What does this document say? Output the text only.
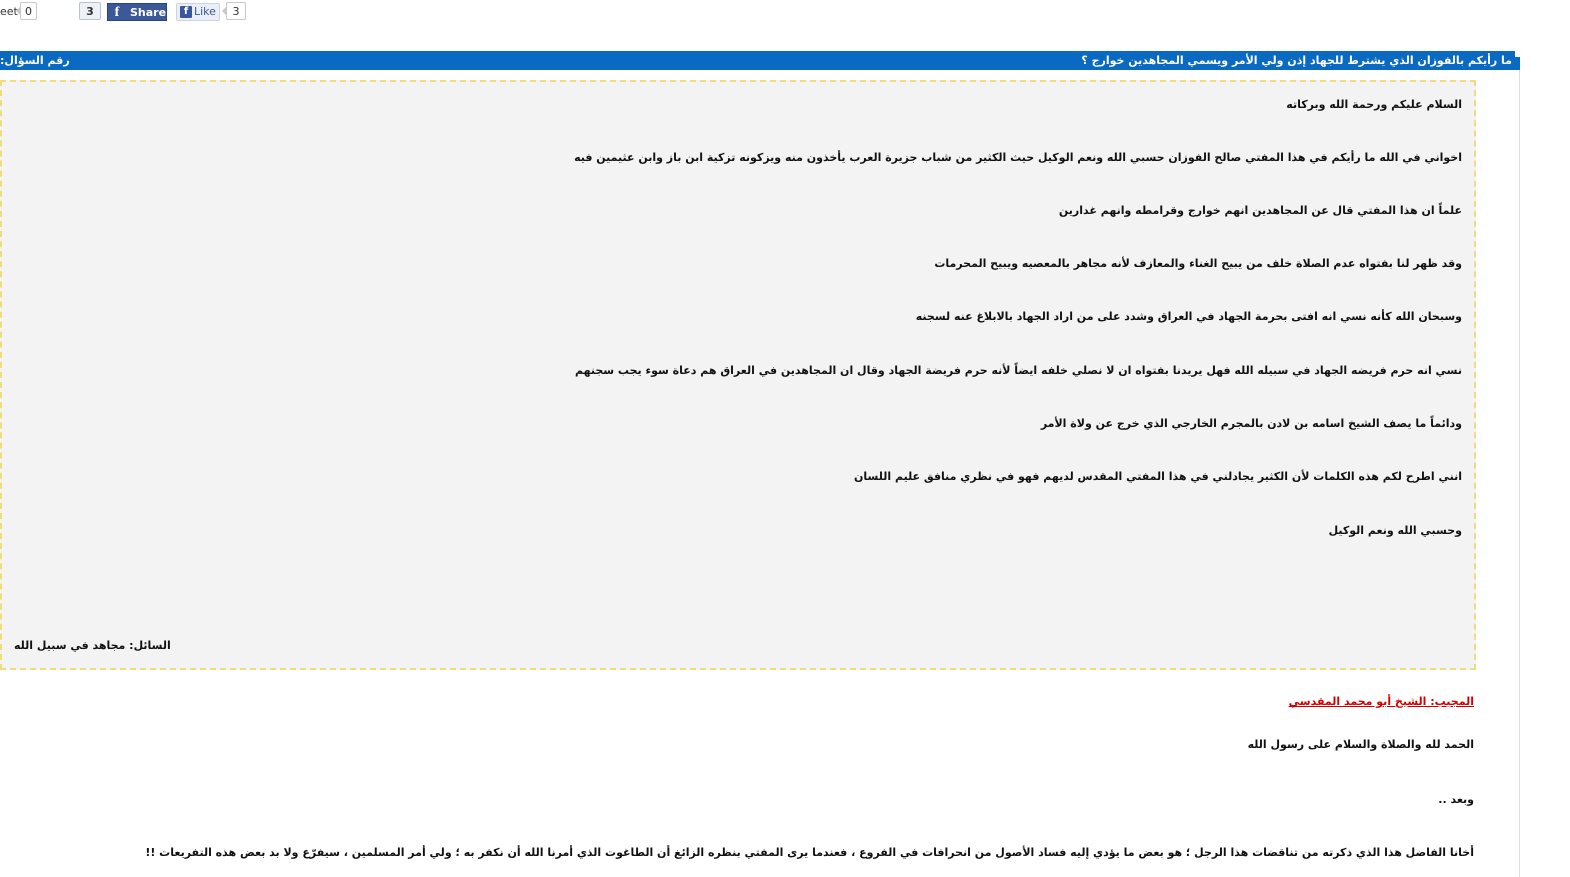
eet 0	3	f Share	f Like	3
ما رأيكم بالفوزان الذي يشترط للجهاد إذن ولي الأمر ويسمي المجاهدين خوارج ؟
رقم السؤال:
السلام عليكم ورحمة الله وبركاته
اخواني في الله ما رأيكم في هذا المفتي صالح الفوزان حسبي الله ونعم الوكيل حيث الكثير من شباب جزيرة العرب يأخذون منه ويزكونه تزكية ابن باز وابن عثيمين فيه
علماً ان هذا المفتي قال عن المجاهدين انهم خوارج وقرامطه وانهم غدارين
وقد ظهر لنا بفتواه عدم الصلاة خلف من يبيح الغناء والمعازف لأنه مجاهر بالمعصيه ويبيح المحرمات
وسبحان الله كأنه نسي انه افتى بحرمة الجهاد في العراق وشدد على من اراد الجهاد بالابلاغ عنه لسجنه
نسي انه حرم فريضه الجهاد في سبيله الله فهل يريدنا بفتواه ان لا نصلي خلفه ايضاً لأنه حرم فريضة الجهاد وقال ان المجاهدين في العراق هم دعاة سوء يجب سجنهم
ودائماً ما يصف الشيخ اسامه بن لادن بالمجرم الخارجي الذي خرج عن ولاة الأمر
انني اطرح لكم هذه الكلمات لأن الكثير يجادلني في هذا المفتي المقدس لديهم فهو في نظري منافق عليم اللسان
وحسبي الله ونعم الوكيل
السائل: مجاهد في سبيل الله
المجيب: الشيخ أبو محمد المقدسي
الحمد لله والصلاة والسلام على رسول الله
وبعد ..
أخانا الفاضل هذا الذي ذكرته من تناقضات هذا الرجل ؛ هو بعض ما يؤدي إليه فساد الأصول من انحرافات في الفروع ، فعندما يرى المفتي بنظره الزائغ أن الطاغوت الذي أمرنا الله أن نكفر به ؛ ولي أمر المسلمين ، سيفرّع ولا بد بعض هذه التفريعات !!
